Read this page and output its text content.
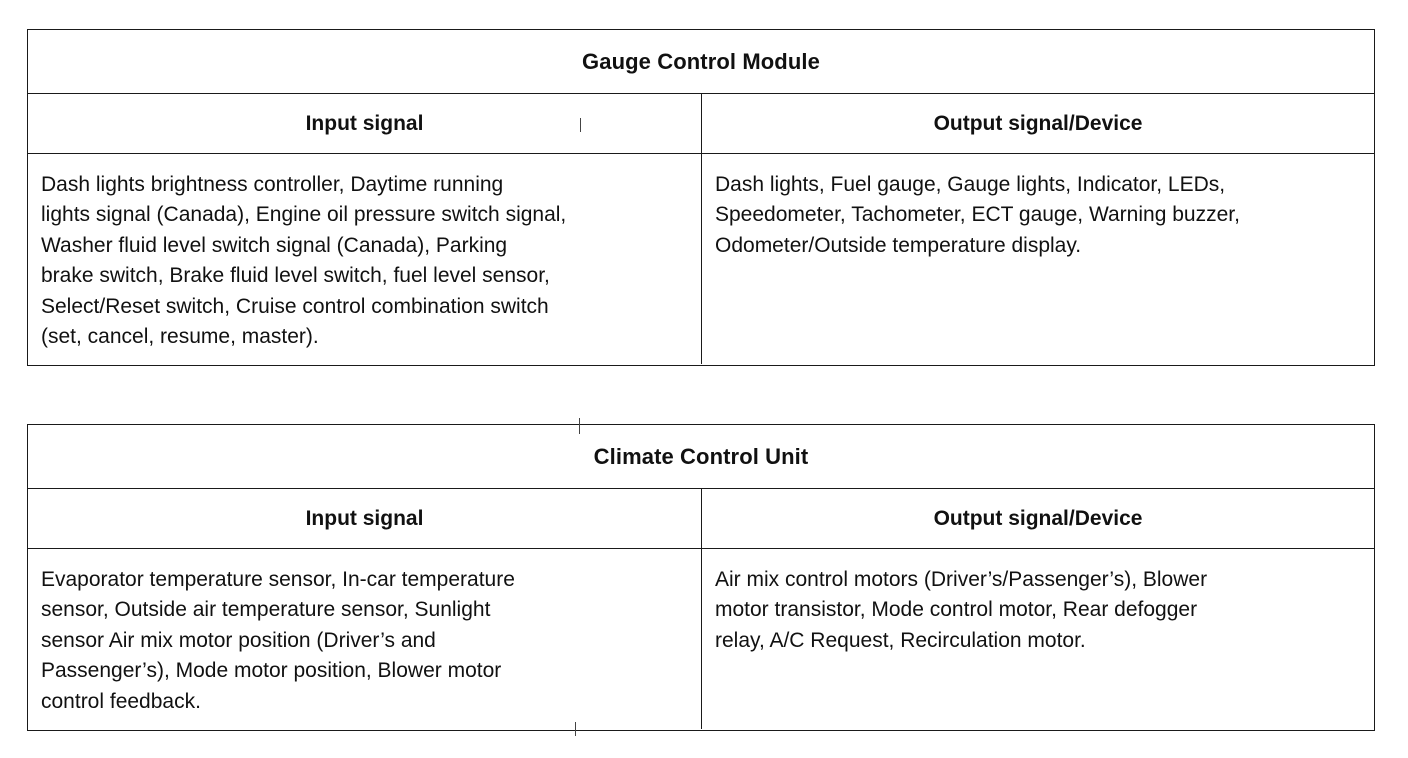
Gauge Control Module
Input signal	Output signal/Device
Dash lights brightness controller, Daytime running
lights signal (Canada), Engine oil pressure switch signal,
Washer fluid level switch signal (Canada), Parking
brake switch, Brake fluid level switch, fuel level sensor,
Select/Reset switch, Cruise control combination switch
(set, cancel, resume, master).
Dash lights, Fuel gauge, Gauge lights, Indicator, LEDs,
Speedometer, Tachometer, ECT gauge, Warning buzzer,
Odometer/Outside temperature display.
Climate Control Unit
Input signal	Output signal/Device
Evaporator temperature sensor, In-car temperature
sensor, Outside air temperature sensor, Sunlight
sensor Air mix motor position (Driver’s and
Passenger’s), Mode motor position, Blower motor
control feedback.
Air mix control motors (Driver’s/Passenger’s), Blower
motor transistor, Mode control motor, Rear defogger
relay, A/C Request, Recirculation motor.
